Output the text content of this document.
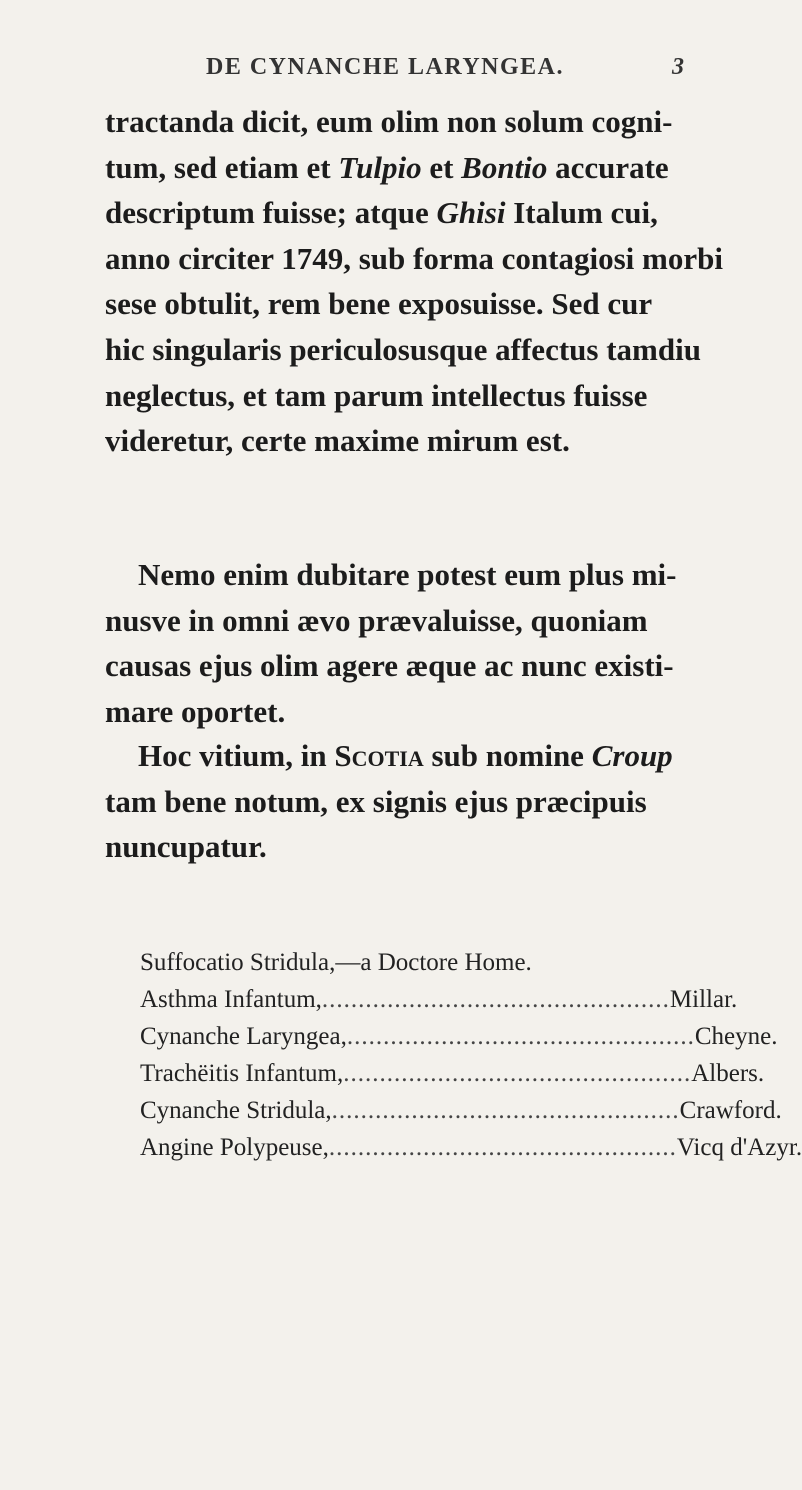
DE CYNANCHE LARYNGEA.	3
tractanda dicit, eum olim non solum cogni-
tum, sed etiam et Tulpio et Bontio accurate
descriptum fuisse; atque Ghisi Italum cui,
anno circiter 1749, sub forma contagiosi morbi
sese obtulit, rem bene exposuisse. Sed cur
hic singularis periculosusque affectus tamdiu
neglectus, et tam parum intellectus fuisse
videretur, certe maxime mirum est.
Nemo enim dubitare potest eum plus mi-
nusve in omni ævo prævaluisse, quoniam
causas ejus olim agere æque ac nunc existi-
mare oportet.
Hoc vitium, in Scotia sub nomine Croup
tam bene notum, ex signis ejus præcipuis
nuncupatur.
Suffocatio Stridula,—a Doctore Home.
Asthma Infantum, ................................................ Millar.
Cynanche Laryngea, ................................................ Cheyne.
Trachëitis Infantum, ................................................ Albers.
Cynanche Stridula, ................................................ Crawford.
Angine Polypeuse, ................................................ Vicq d'Azyr.
